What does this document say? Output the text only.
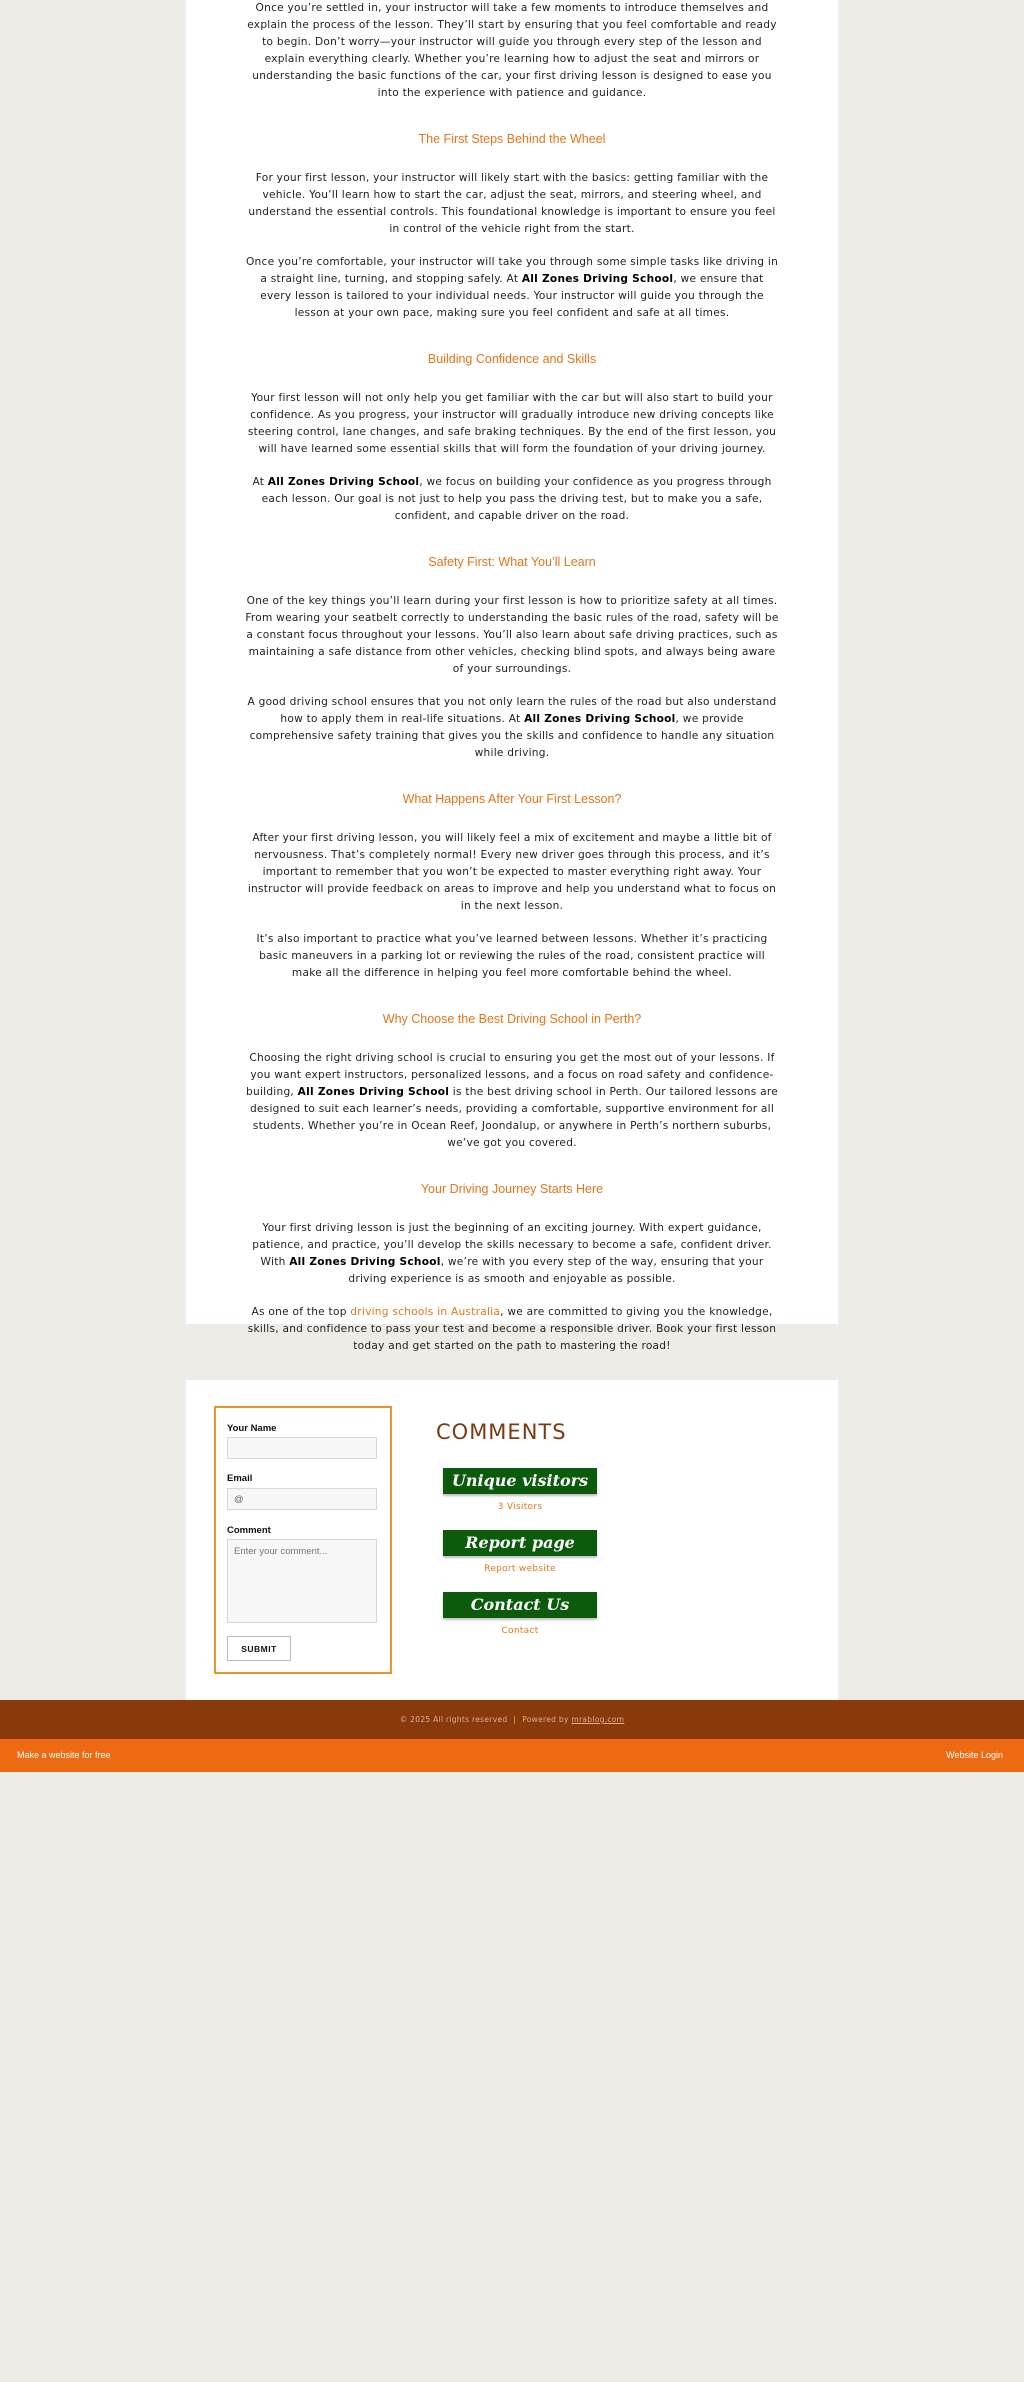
Once you’re settled in, your instructor will take a few moments to introduce themselves and explain the process of the lesson. They’ll start by ensuring that you feel comfortable and ready to begin. Don’t worry—your instructor will guide you through every step of the lesson and explain everything clearly. Whether you’re learning how to adjust the seat and mirrors or understanding the basic functions of the car, your first driving lesson is designed to ease you into the experience with patience and guidance.

The First Steps Behind the Wheel

For your first lesson, your instructor will likely start with the basics: getting familiar with the vehicle. You’ll learn how to start the car, adjust the seat, mirrors, and steering wheel, and understand the essential controls. This foundational knowledge is important to ensure you feel in control of the vehicle right from the start.

Once you’re comfortable, your instructor will take you through some simple tasks like driving in a straight line, turning, and stopping safely. At All Zones Driving School, we ensure that every lesson is tailored to your individual needs. Your instructor will guide you through the lesson at your own pace, making sure you feel confident and safe at all times.

Building Confidence and Skills

Your first lesson will not only help you get familiar with the car but will also start to build your confidence. As you progress, your instructor will gradually introduce new driving concepts like steering control, lane changes, and safe braking techniques. By the end of the first lesson, you will have learned some essential skills that will form the foundation of your driving journey.

At All Zones Driving School, we focus on building your confidence as you progress through each lesson. Our goal is not just to help you pass the driving test, but to make you a safe, confident, and capable driver on the road.

Safety First: What You’ll Learn

One of the key things you’ll learn during your first lesson is how to prioritize safety at all times. From wearing your seatbelt correctly to understanding the basic rules of the road, safety will be a constant focus throughout your lessons. You’ll also learn about safe driving practices, such as maintaining a safe distance from other vehicles, checking blind spots, and always being aware of your surroundings.

A good driving school ensures that you not only learn the rules of the road but also understand how to apply them in real-life situations. At All Zones Driving School, we provide comprehensive safety training that gives you the skills and confidence to handle any situation while driving.

What Happens After Your First Lesson?

After your first driving lesson, you will likely feel a mix of excitement and maybe a little bit of nervousness. That’s completely normal! Every new driver goes through this process, and it’s important to remember that you won’t be expected to master everything right away. Your instructor will provide feedback on areas to improve and help you understand what to focus on in the next lesson.

It’s also important to practice what you’ve learned between lessons. Whether it’s practicing basic maneuvers in a parking lot or reviewing the rules of the road, consistent practice will make all the difference in helping you feel more comfortable behind the wheel.

Why Choose the Best Driving School in Perth?

Choosing the right driving school is crucial to ensuring you get the most out of your lessons. If you want expert instructors, personalized lessons, and a focus on road safety and confidence-building, All Zones Driving School is the best driving school in Perth. Our tailored lessons are designed to suit each learner’s needs, providing a comfortable, supportive environment for all students. Whether you’re in Ocean Reef, Joondalup, or anywhere in Perth’s northern suburbs, we’ve got you covered.

Your Driving Journey Starts Here

Your first driving lesson is just the beginning of an exciting journey. With expert guidance, patience, and practice, you’ll develop the skills necessary to become a safe, confident driver. With All Zones Driving School, we’re with you every step of the way, ensuring that your driving experience is as smooth and enjoyable as possible.

As one of the top driving schools in Australia, we are committed to giving you the knowledge, skills, and confidence to pass your test and become a responsible driver. Book your first lesson today and get started on the path to mastering the road!

Your Name
Email
@
Comment
Enter your comment...
SUBMIT
COMMENTS
Unique visitors
3 Visitors
Report page
Report website
Contact Us
Contact
© 2025 All rights reserved | Powered by mrablog.com
Make a website for free	Website Login
